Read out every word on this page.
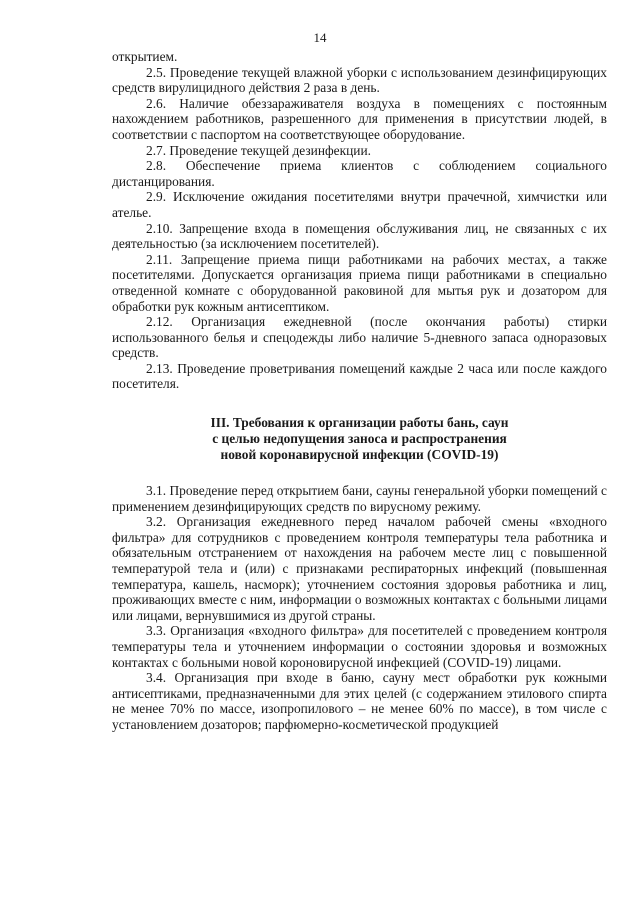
14

открытием.

2.5. Проведение текущей влажной уборки с использованием дезинфицирующих средств вирулицидного действия 2 раза в день.

2.6. Наличие обеззараживателя воздуха в помещениях с постоянным нахождением работников, разрешенного для применения в присутствии людей, в соответствии с паспортом на соответствующее оборудование.

2.7. Проведение текущей дезинфекции.

2.8. Обеспечение приема клиентов с соблюдением социального дистанцирования.

2.9. Исключение ожидания посетителями внутри прачечной, химчистки или ателье.

2.10. Запрещение входа в помещения обслуживания лиц, не связанных с их деятельностью (за исключением посетителей).

2.11. Запрещение приема пищи работниками на рабочих местах, а также посетителями. Допускается организация приема пищи работниками в специально отведенной комнате с оборудованной раковиной для мытья рук и дозатором для обработки рук кожным антисептиком.

2.12. Организация ежедневной (после окончания работы) стирки использованного белья и спецодежды либо наличие 5-дневного запаса одноразовых средств.

2.13. Проведение проветривания помещений каждые 2 часа или после каждого посетителя.

III. Требования к организации работы бань, саун
с целью недопущения заноса и распространения
новой коронавирусной инфекции (COVID-19)

3.1. Проведение перед открытием бани, сауны генеральной уборки помещений с применением дезинфицирующих средств по вирусному режиму.

3.2. Организация ежедневного перед началом рабочей смены «входного фильтра» для сотрудников с проведением контроля температуры тела работника и обязательным отстранением от нахождения на рабочем месте лиц с повышенной температурой тела и (или) с признаками респираторных инфекций (повышенная температура, кашель, насморк); уточнением состояния здоровья работника и лиц, проживающих вместе с ним, информации о возможных контактах с больными лицами или лицами, вернувшимися из другой страны.

3.3. Организация «входного фильтра» для посетителей с проведением контроля температуры тела и уточнением информации о состоянии здоровья и возможных контактах с больными новой короновирусной инфекцией (COVID-19) лицами.

3.4. Организация при входе в баню, сауну мест обработки рук кожными антисептиками, предназначенными для этих целей (с содержанием этилового спирта не менее 70% по массе, изопропилового – не менее 60% по массе), в том числе с установлением дозаторов; парфюмерно-косметической продукцией
